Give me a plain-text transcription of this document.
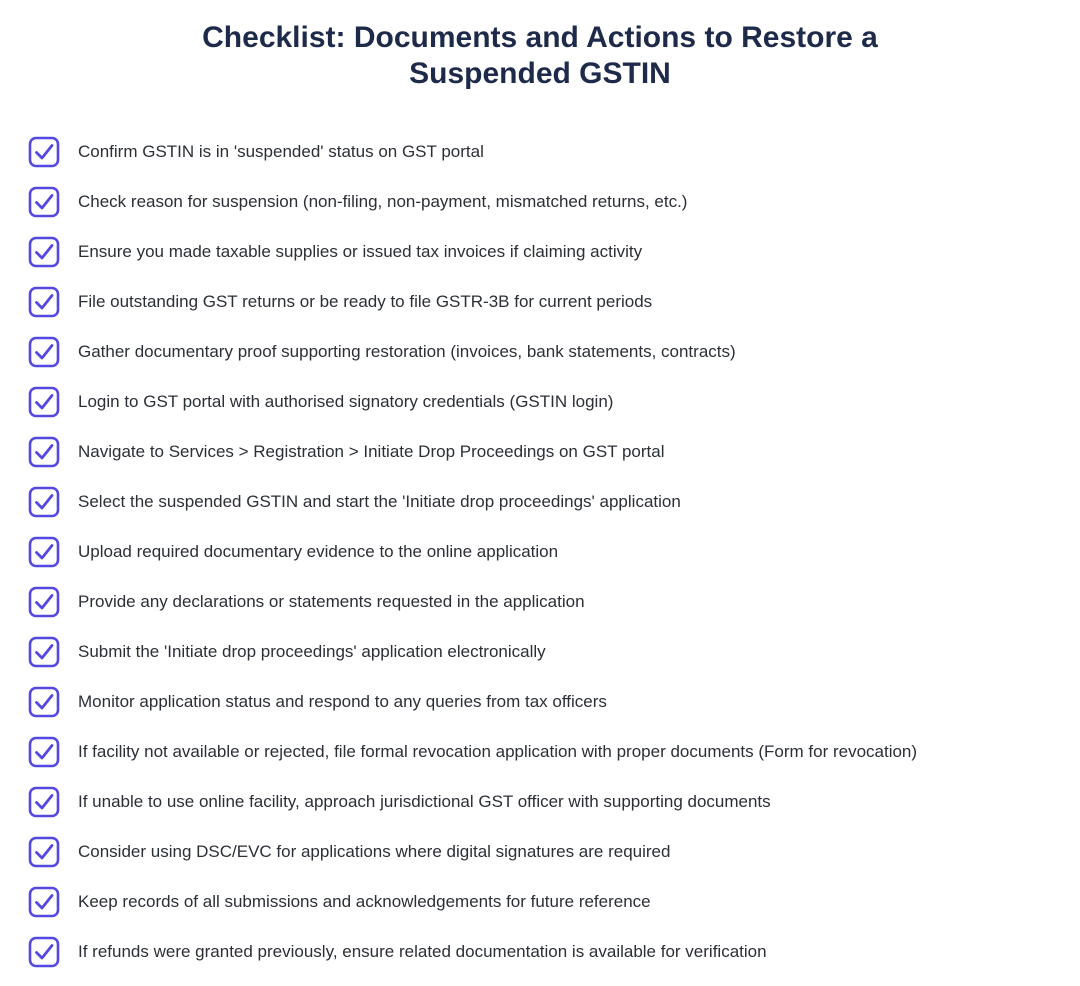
Checklist: Documents and Actions to Restore a
Suspended GSTIN
Confirm GSTIN is in 'suspended' status on GST portal
Check reason for suspension (non-filing, non-payment, mismatched returns, etc.)
Ensure you made taxable supplies or issued tax invoices if claiming activity
File outstanding GST returns or be ready to file GSTR-3B for current periods
Gather documentary proof supporting restoration (invoices, bank statements, contracts)
Login to GST portal with authorised signatory credentials (GSTIN login)
Navigate to Services > Registration > Initiate Drop Proceedings on GST portal
Select the suspended GSTIN and start the 'Initiate drop proceedings' application
Upload required documentary evidence to the online application
Provide any declarations or statements requested in the application
Submit the 'Initiate drop proceedings' application electronically
Monitor application status and respond to any queries from tax officers
If facility not available or rejected, file formal revocation application with proper documents (Form for revocation)
If unable to use online facility, approach jurisdictional GST officer with supporting documents
Consider using DSC/EVC for applications where digital signatures are required
Keep records of all submissions and acknowledgements for future reference
If refunds were granted previously, ensure related documentation is available for verification
